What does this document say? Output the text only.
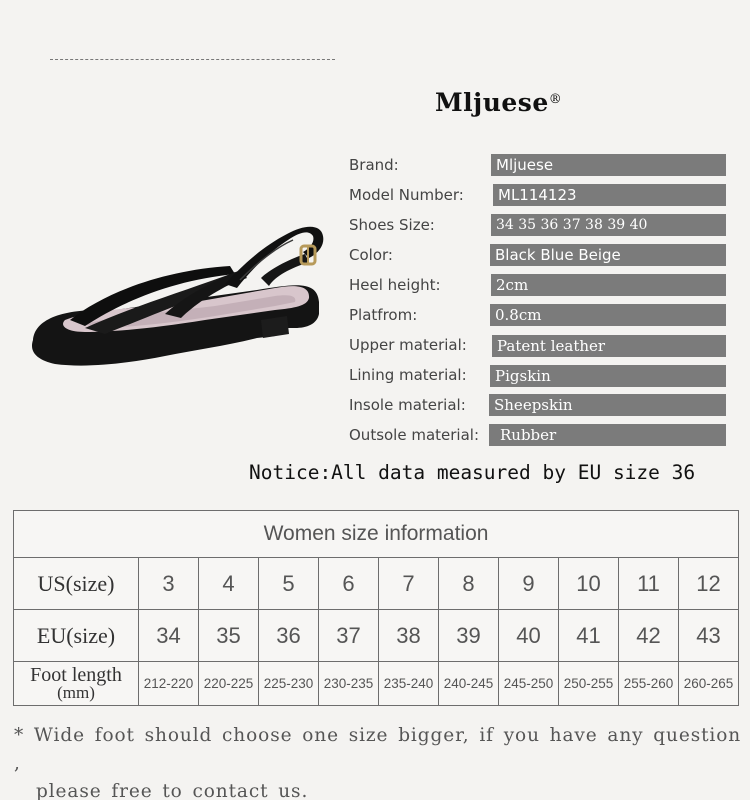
Mljuese®
Brand:	Mljuese
Model Number:	ML114123
Shoes Size:	34 35 36 37 38 39 40
Color:	Black Blue Beige
Heel height:	2cm
Platfrom:	0.8cm
Upper material:	Patent leather
Lining material:	Pigskin
Insole material:	Sheepskin
Outsole material:	Rubber
Notice:All data measured by EU size 36
Women size information										
US(size)	3	4	5	6	7	8	9	10	11	12
EU(size)	34	35	36	37	38	39	40	41	42	43

Foot length
(mm)	212-220	220-225	225-230	230-235	235-240	240-245	245-250	250-255	255-260	260-265
* Wide foot should choose one size bigger, if you have any question ,
please free to contact us.
